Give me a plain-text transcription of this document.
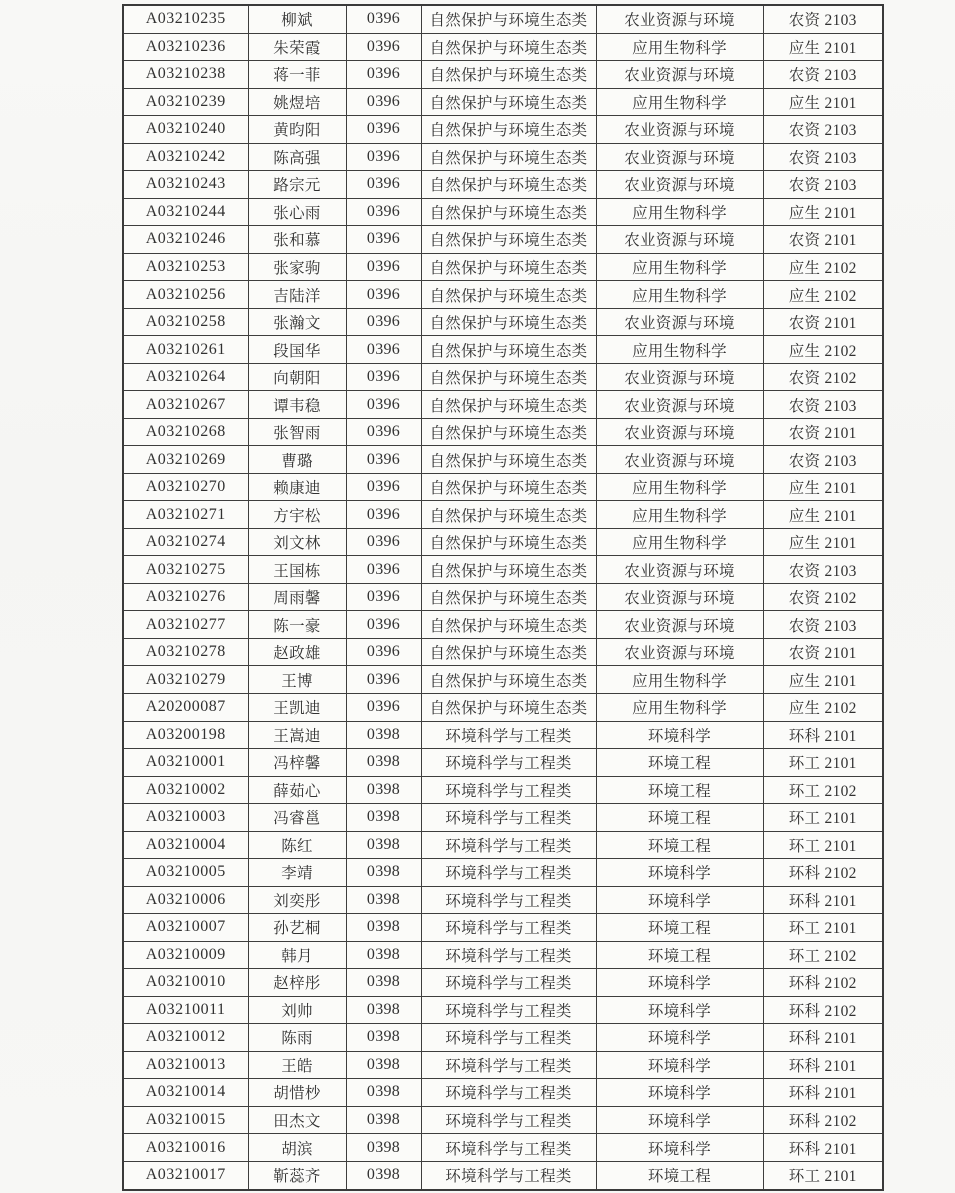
A03210235	柳斌	0396	自然保护与环境生态类	农业资源与环境	农资 2103
A03210236	朱荣霞	0396	自然保护与环境生态类	应用生物科学	应生 2101
A03210238	蒋一菲	0396	自然保护与环境生态类	农业资源与环境	农资 2103
A03210239	姚煜培	0396	自然保护与环境生态类	应用生物科学	应生 2101
A03210240	黄昀阳	0396	自然保护与环境生态类	农业资源与环境	农资 2103
A03210242	陈高强	0396	自然保护与环境生态类	农业资源与环境	农资 2103
A03210243	路宗元	0396	自然保护与环境生态类	农业资源与环境	农资 2103
A03210244	张心雨	0396	自然保护与环境生态类	应用生物科学	应生 2101
A03210246	张和慕	0396	自然保护与环境生态类	农业资源与环境	农资 2101
A03210253	张家驹	0396	自然保护与环境生态类	应用生物科学	应生 2102
A03210256	吉陆洋	0396	自然保护与环境生态类	应用生物科学	应生 2102
A03210258	张瀚文	0396	自然保护与环境生态类	农业资源与环境	农资 2101
A03210261	段国华	0396	自然保护与环境生态类	应用生物科学	应生 2102
A03210264	向朝阳	0396	自然保护与环境生态类	农业资源与环境	农资 2102
A03210267	谭韦稳	0396	自然保护与环境生态类	农业资源与环境	农资 2103
A03210268	张智雨	0396	自然保护与环境生态类	农业资源与环境	农资 2101
A03210269	曹璐	0396	自然保护与环境生态类	农业资源与环境	农资 2103
A03210270	赖康迪	0396	自然保护与环境生态类	应用生物科学	应生 2101
A03210271	方宇松	0396	自然保护与环境生态类	应用生物科学	应生 2101
A03210274	刘文林	0396	自然保护与环境生态类	应用生物科学	应生 2101
A03210275	王国栋	0396	自然保护与环境生态类	农业资源与环境	农资 2103
A03210276	周雨馨	0396	自然保护与环境生态类	农业资源与环境	农资 2102
A03210277	陈一豪	0396	自然保护与环境生态类	农业资源与环境	农资 2103
A03210278	赵政雄	0396	自然保护与环境生态类	农业资源与环境	农资 2101
A03210279	王博	0396	自然保护与环境生态类	应用生物科学	应生 2101
A20200087	王凯迪	0396	自然保护与环境生态类	应用生物科学	应生 2102
A03200198	王嵩迪	0398	环境科学与工程类	环境科学	环科 2101
A03210001	冯梓馨	0398	环境科学与工程类	环境工程	环工 2101
A03210002	薛茹心	0398	环境科学与工程类	环境工程	环工 2102
A03210003	冯睿邕	0398	环境科学与工程类	环境工程	环工 2101
A03210004	陈红	0398	环境科学与工程类	环境工程	环工 2101
A03210005	李靖	0398	环境科学与工程类	环境科学	环科 2102
A03210006	刘奕彤	0398	环境科学与工程类	环境科学	环科 2101
A03210007	孙艺桐	0398	环境科学与工程类	环境工程	环工 2101
A03210009	韩月	0398	环境科学与工程类	环境工程	环工 2102
A03210010	赵梓彤	0398	环境科学与工程类	环境科学	环科 2102
A03210011	刘帅	0398	环境科学与工程类	环境科学	环科 2102
A03210012	陈雨	0398	环境科学与工程类	环境科学	环科 2101
A03210013	王皓	0398	环境科学与工程类	环境科学	环科 2101
A03210014	胡惜杪	0398	环境科学与工程类	环境科学	环科 2101
A03210015	田杰文	0398	环境科学与工程类	环境科学	环科 2102
A03210016	胡滨	0398	环境科学与工程类	环境科学	环科 2101
A03210017	靳蕊齐	0398	环境科学与工程类	环境工程	环工 2101
